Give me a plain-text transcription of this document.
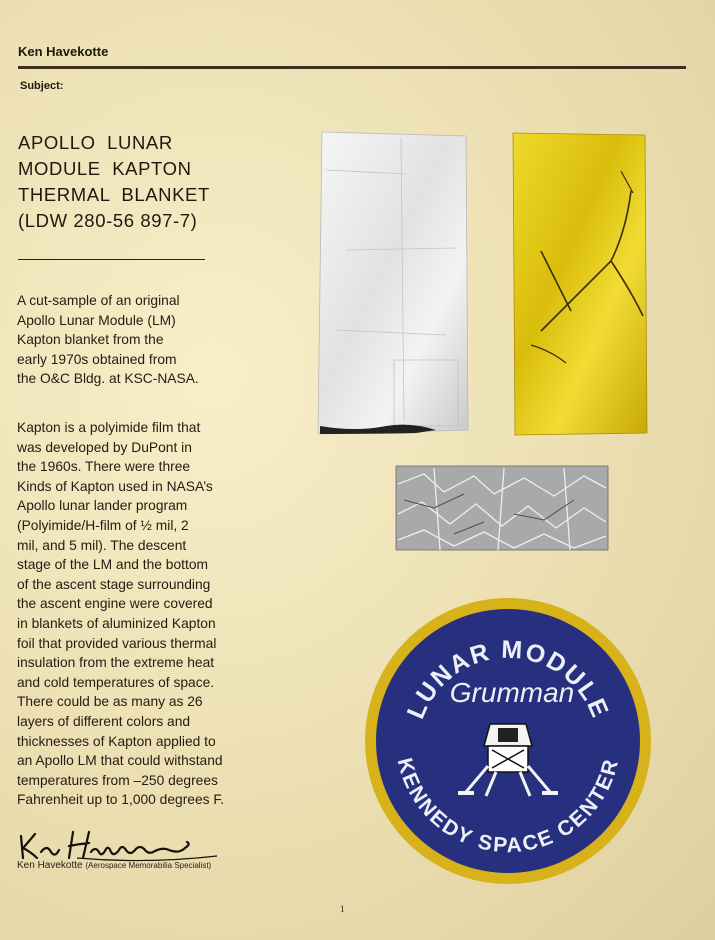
Ken Havekotte
Subject:
APOLLO  LUNAR
MODULE  KAPTON
THERMAL  BLANKET
(LDW 280-56 897-7)
A cut-sample of an original
Apollo Lunar Module (LM)
Kapton blanket from the
early 1970s obtained from
the O&C Bldg. at KSC-NASA.
Kapton is a polyimide film that
was developed by DuPont in
the 1960s. There were three
Kinds of Kapton used in NASA’s
Apollo lunar lander program
(Polyimide/H-film of ½ mil, 2
mil, and 5 mil). The descent
stage of the LM and the bottom
of the ascent stage surrounding
the ascent engine were covered
in blankets of aluminized Kapton
foil that provided various thermal
insulation from the extreme heat
and cold temperatures of space.
There could be as many as 26
layers of different colors and
thicknesses of Kapton applied to
an Apollo LM that could withstand
temperatures from –250 degrees
Fahrenheit up to 1,000 degrees F.
Ken Havekotte (Aerospace Memorabilia Specialist)
1
LUNAR MODULE
Grumman
KENNEDY SPACE CENTER
